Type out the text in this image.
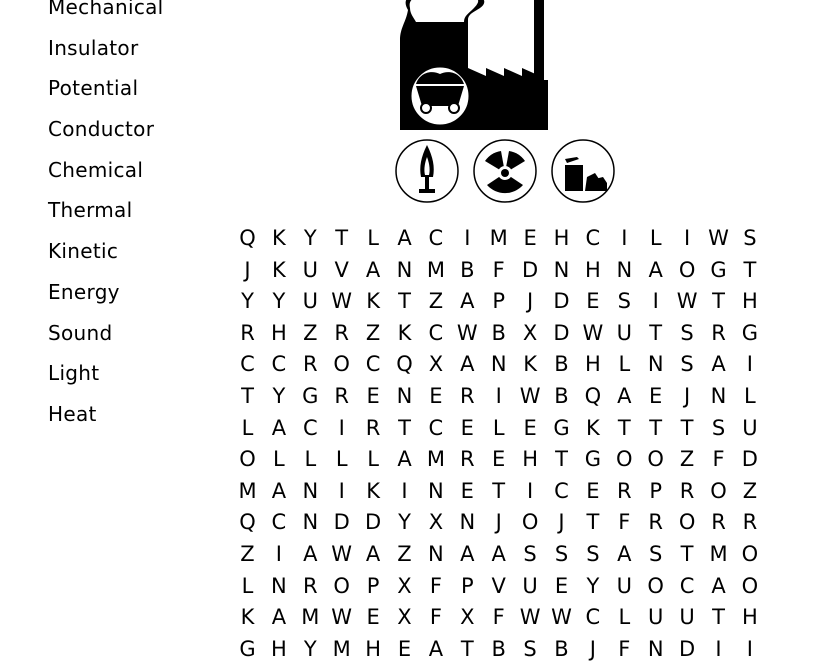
Mechanical
Insulator
Potential
Conductor
Chemical
Thermal
Kinetic
Energy
Sound
Light
Heat
Q K Y T L A C I M E H C I	L	I W S
J	K U V A N M B F D N H N A O G T
Y Y U W K T Z A P	J D E S	I W T H
R H Z R Z K C W B X D W U T S R G
C C R O C Q X A N K B H L N S A	I
T Y G R E N E R I W B Q A E	J N L
L A C I	R T C E L E G K T T T S U
O L L L L A M R E H T G O O Z F D
M A N I	K	I N E T	I C E R P R O Z
Q C N D D Y X N J O J	T F R O R R
Z	I	A W A Z N A A S S S A S T M O
L N R O P X F P V U E Y U O C A O
K A M W E X F X F W W C L U U T H
G H Y M H E A T B S B	J	F N D I	I
